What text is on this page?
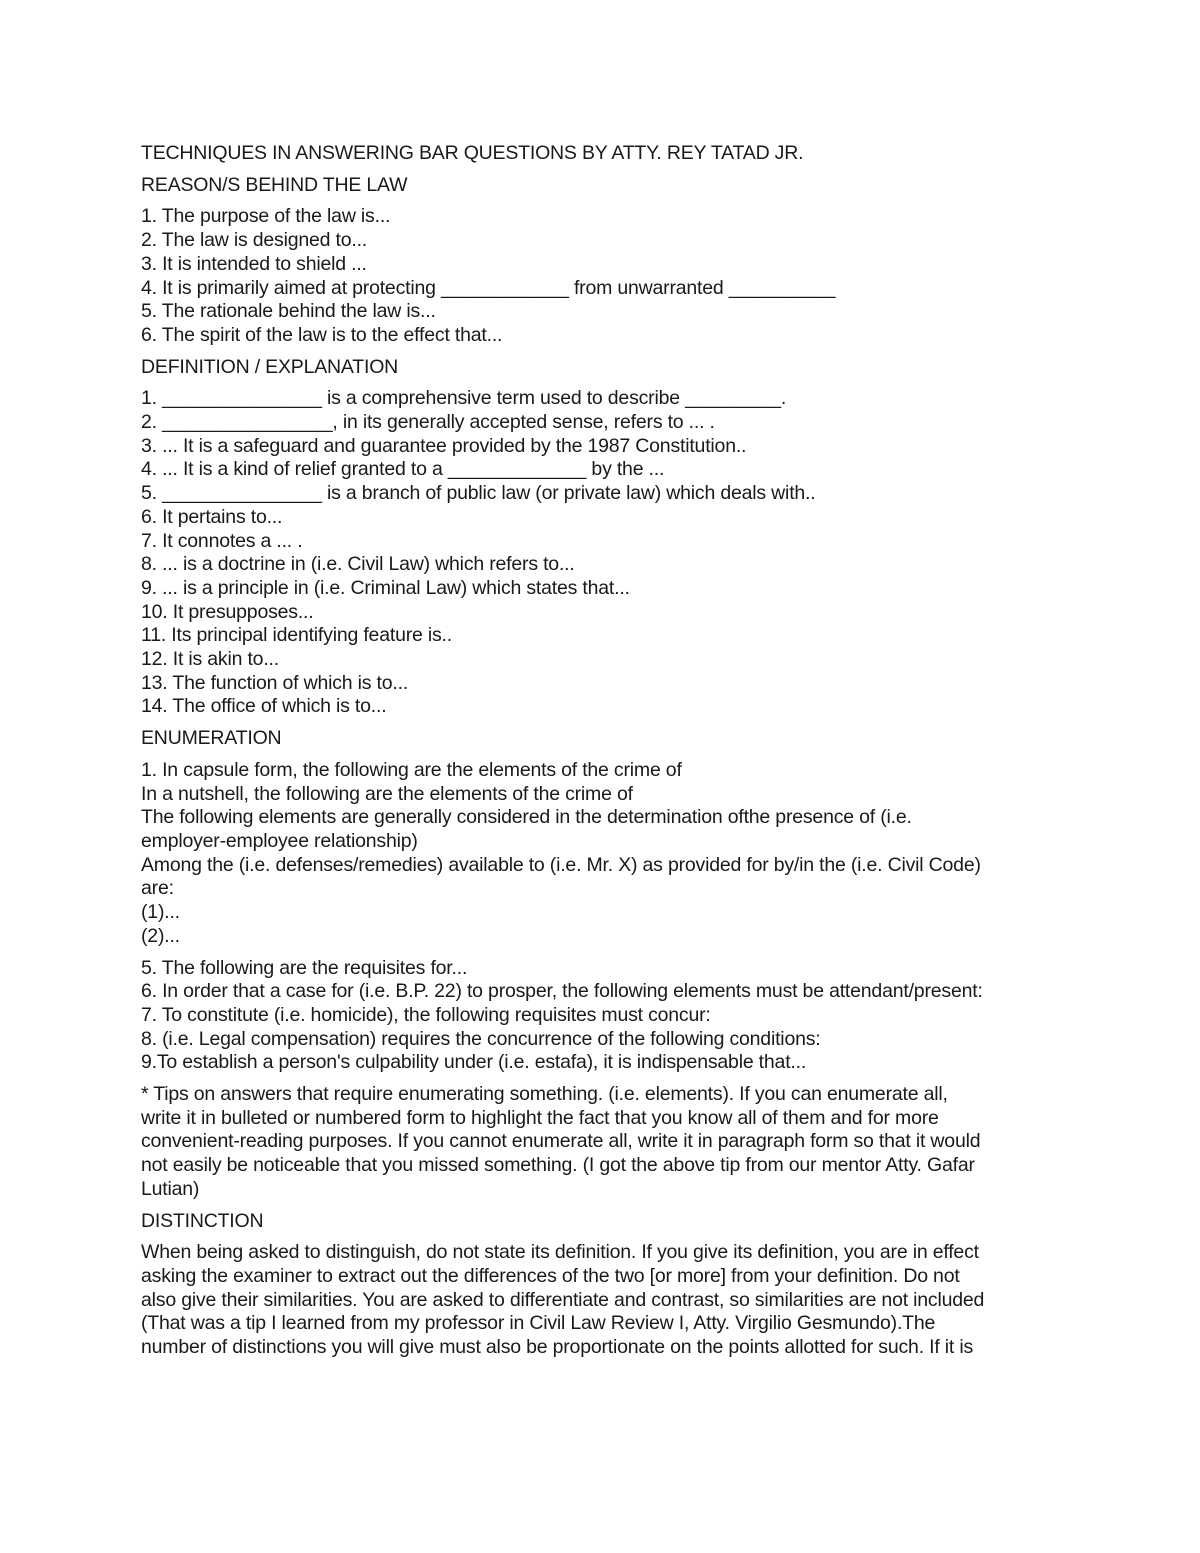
TECHNIQUES IN ANSWERING BAR QUESTIONS BY ATTY. REY TATAD JR.
REASON/S BEHIND THE LAW
1. The purpose of the law is...
2. The law is designed to...
3. It is intended to shield ...
4. It is primarily aimed at protecting ____________ from unwarranted __________
5. The rationale behind the law is...
6. The spirit of the law is to the effect that...
DEFINITION / EXPLANATION
1. _______________ is a comprehensive term used to describe _________.
2. ________________, in its generally accepted sense, refers to ... .
3. ... It is a safeguard and guarantee provided by the 1987 Constitution..
4. ... It is a kind of relief granted to a _____________ by the ...
5. _______________ is a branch of public law (or private law) which deals with..
6. It pertains to...
7. It connotes a ... .
8. ... is a doctrine in (i.e. Civil Law) which refers to...
9. ... is a principle in (i.e. Criminal Law) which states that...
10. It presupposes...
11. Its principal identifying feature is..
12. It is akin to...
13. The function of which is to...
14. The office of which is to...
ENUMERATION
1. In capsule form, the following are the elements of the crime of
In a nutshell, the following are the elements of the crime of
The following elements are generally considered in the determination ofthe presence of (i.e.
employer-employee relationship)
Among the (i.e. defenses/remedies) available to (i.e. Mr. X) as provided for by/in the (i.e. Civil Code)
are:
(1)...
(2)...
5. The following are the requisites for...
6. In order that a case for (i.e. B.P. 22) to prosper, the following elements must be attendant/present:
7. To constitute (i.e. homicide), the following requisites must concur:
8. (i.e. Legal compensation) requires the concurrence of the following conditions:
9.To establish a person's culpability under (i.e. estafa), it is indispensable that...
* Tips on answers that require enumerating something. (i.e. elements). If you can enumerate all,
write it in bulleted or numbered form to highlight the fact that you know all of them and for more
convenient-reading purposes. If you cannot enumerate all, write it in paragraph form so that it would
not easily be noticeable that you missed something. (I got the above tip from our mentor Atty. Gafar
Lutian)
DISTINCTION
When being asked to distinguish, do not state its definition. If you give its definition, you are in effect
asking the examiner to extract out the differences of the two [or more] from your definition. Do not
also give their similarities. You are asked to differentiate and contrast, so similarities are not included
(That was a tip I learned from my professor in Civil Law Review I, Atty. Virgilio Gesmundo).The
number of distinctions you will give must also be proportionate on the points allotted for such. If it is
